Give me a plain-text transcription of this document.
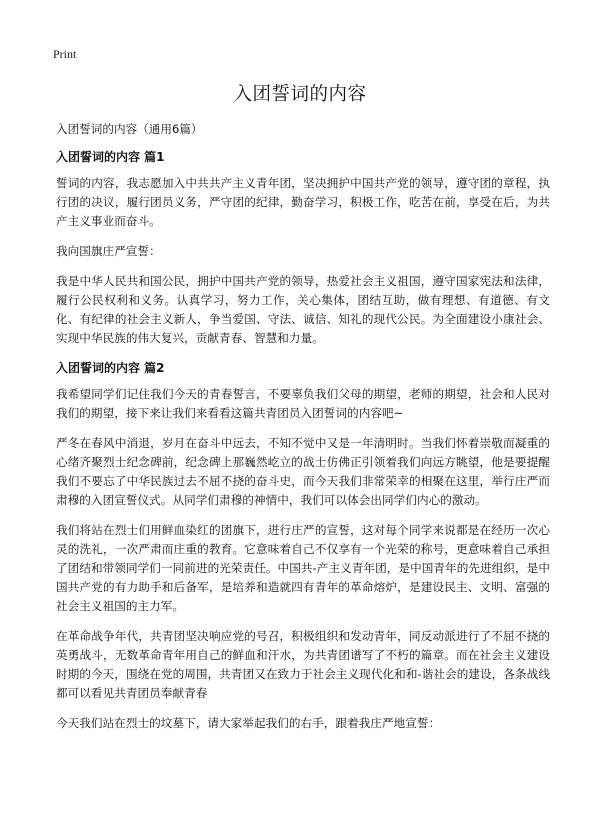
Print
入团誓词的内容

入团誓词的内容（通用6篇）

入团誓词的内容 篇1

誓词的内容，我志愿加入中共共产主义青年团，坚决拥护中国共产党的领导，遵守团的章程，执行团的决议，履行团员义务，严守团的纪律，勤奋学习，积极工作，吃苦在前，享受在后，为共产主义事业而奋斗。

我向国旗庄严宣誓：

我是中华人民共和国公民，拥护中国共产党的领导，热爱社会主义祖国，遵守国家宪法和法律，履行公民权利和义务。认真学习，努力工作，关心集体，团结互助，做有理想、有道德、有文化、有纪律的社会主义新人，争当爱国、守法、诚信、知礼的现代公民。为全面建设小康社会、实现中华民族的伟大复兴，贡献青春、智慧和力量。

入团誓词的内容 篇2

我希望同学们记住我们今天的青春誓言，不要辜负我们父母的期望，老师的期望，社会和人民对我们的期望，接下来让我们来看看这篇共青团员入团誓词的内容吧~

严冬在春风中消退，岁月在奋斗中远去，不知不觉中又是一年清明时。当我们怀着崇敬而凝重的心绪齐聚烈士纪念碑前，纪念碑上那巍然屹立的战士仿佛正引领着我们向远方眺望，他是要提醒我们不要忘了中华民族过去不屈不挠的奋斗史，而今天我们非常荣幸的相聚在这里，举行庄严而肃穆的入团宣誓仪式。从同学们肃穆的神情中，我们可以体会出同学们内心的激动。

我们将站在烈士们用鲜血染红的团旗下，进行庄严的宣誓，这对每个同学来说都是在经历一次心灵的洗礼，一次严肃而庄重的教育。它意味着自己不仅享有一个光荣的称号，更意味着自己承担了团结和带领同学们一同前进的光荣责任。中国共-产主义青年团，是中国青年的先进组织，是中国共产党的有力助手和后备军，是培养和造就四有青年的革命熔炉，是建设民主、文明、富强的社会主义祖国的主力军。

在革命战争年代，共青团坚决响应党的号召，积极组织和发动青年，同反动派进行了不屈不挠的英勇战斗，无数革命青年用自己的鲜血和汗水，为共青团谱写了不朽的篇章。而在社会主义建设时期的今天，围绕在党的周围，共青团又在致力于社会主义现代化和和-谐社会的建设，各条战线都可以看见共青团员奉献青春

今天我们站在烈士的坟墓下，请大家举起我们的右手，跟着我庄严地宣誓：
